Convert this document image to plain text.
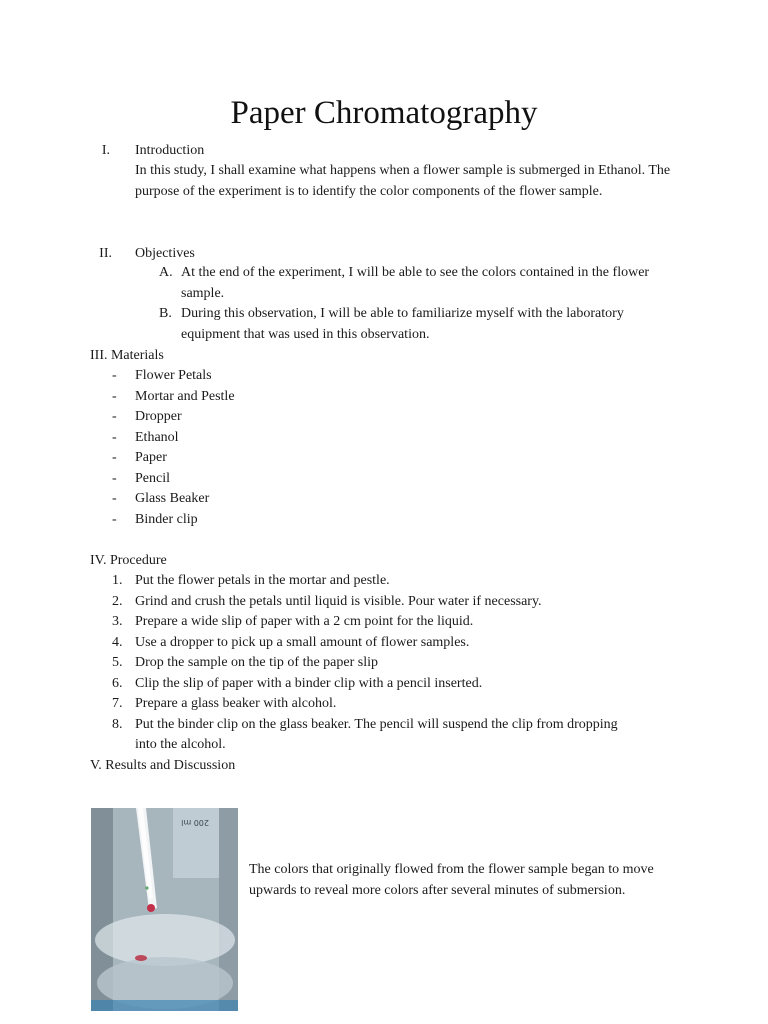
Paper Chromatography
I. Introduction
In this study, I shall examine what happens when a flower sample is submerged in Ethanol. The purpose of the experiment is to identify the color components of the flower sample.
II. Objectives
A. At the end of the experiment, I will be able to see the colors contained in the flower sample.
B. During this observation, I will be able to familiarize myself with the laboratory equipment that was used in this observation.
III. Materials
- Flower Petals
- Mortar and Pestle
- Dropper
- Ethanol
- Paper
- Pencil
- Glass Beaker
- Binder clip
IV. Procedure
1. Put the flower petals in the mortar and pestle.
2. Grind and crush the petals until liquid is visible. Pour water if necessary.
3. Prepare a wide slip of paper with a 2 cm point for the liquid.
4. Use a dropper to pick up a small amount of flower samples.
5. Drop the sample on the tip of the paper slip
6. Clip the slip of paper with a binder clip with a pencil inserted.
7. Prepare a glass beaker with alcohol.
8. Put the binder clip on the glass beaker. The pencil will suspend the clip from dropping
into the alcohol.
V. Results and Discussion
200 ml
The colors that originally flowed from the flower sample began to move upwards to reveal more colors after several minutes of submersion.
